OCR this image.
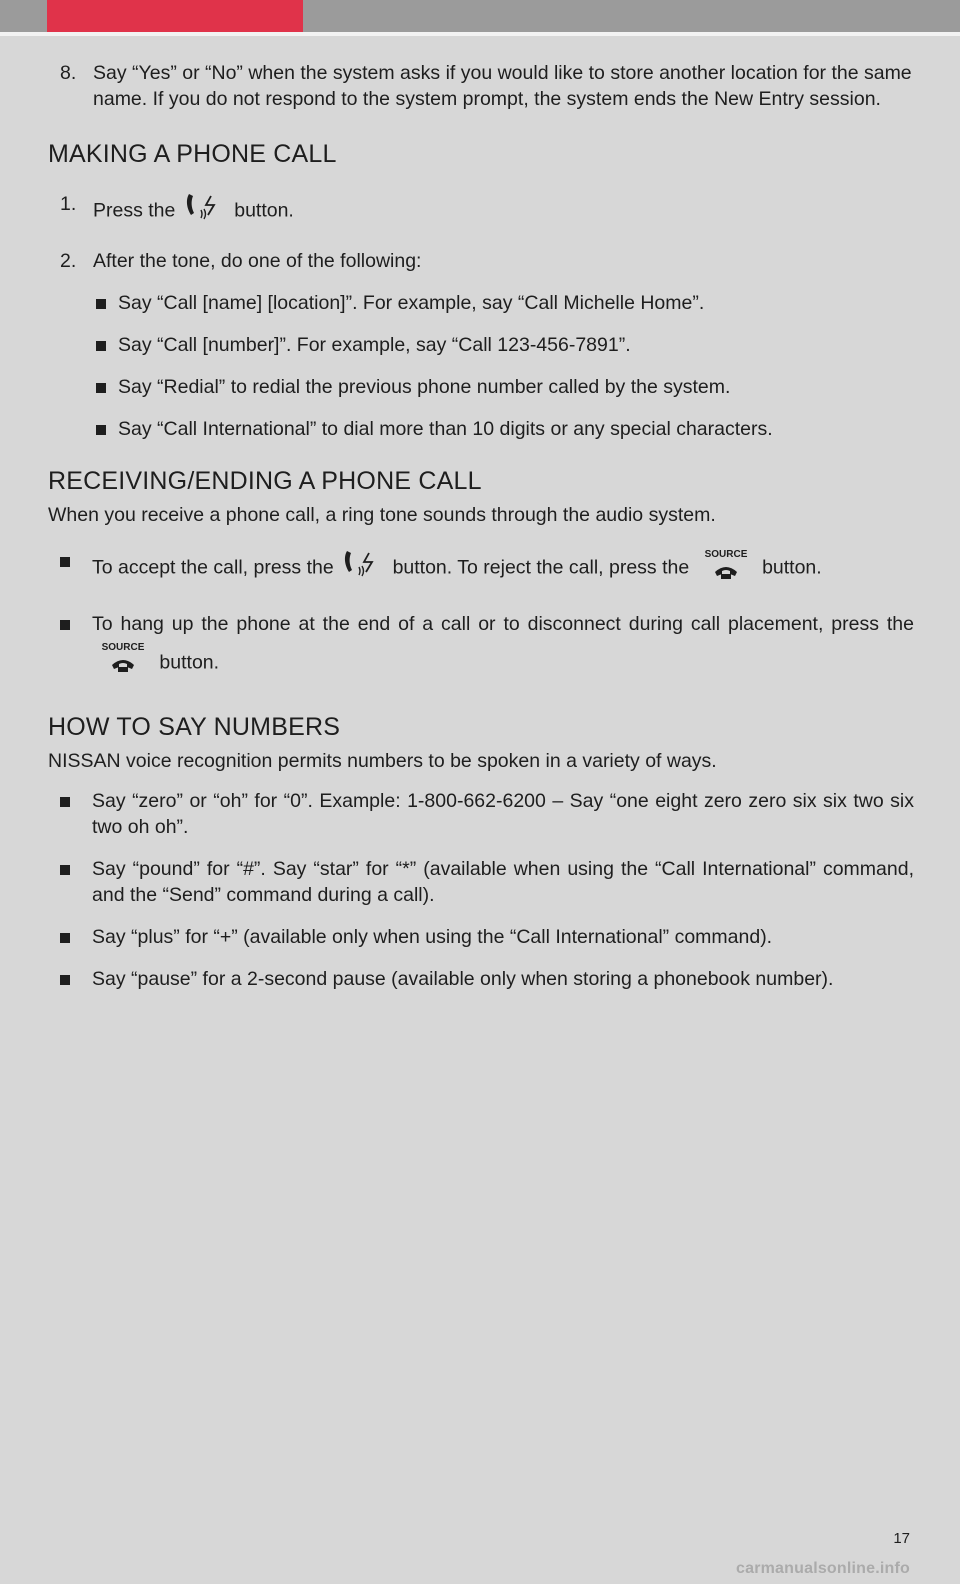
8. Say “Yes” or “No” when the system asks if you would like to store another location for the same name. If you do not respond to the system prompt, the system ends the New Entry session.
MAKING A PHONE CALL
1. Press the	button.
2. After the tone, do one of the following:
Say “Call [name] [location]”. For example, say “Call Michelle Home”.
Say “Call [number]”. For example, say “Call 123-456-7891”.
Say “Redial” to redial the previous phone number called by the system.
Say “Call International” to dial more than 10 digits or any special characters.
RECEIVING/ENDING A PHONE CALL
When you receive a phone call, a ring tone sounds through the audio system.
To accept the call, press the	button. To reject the call, press the
SOURCE
button.
To hang up the phone at the end of a call or to disconnect during call placement, press the
SOURCE
button.
HOW TO SAY NUMBERS
NISSAN voice recognition permits numbers to be spoken in a variety of ways.
Say “zero” or “oh” for “0”. Example: 1-800-662-6200 – Say “one eight zero zero six six two six two oh oh”.
Say “pound” for “#”. Say “star” for “*” (available when using the “Call International” command, and the “Send” command during a call).
Say “plus” for “+” (available only when using the “Call International” command).
Say “pause” for a 2-second pause (available only when storing a phonebook number).
17
carmanualsonline.info
